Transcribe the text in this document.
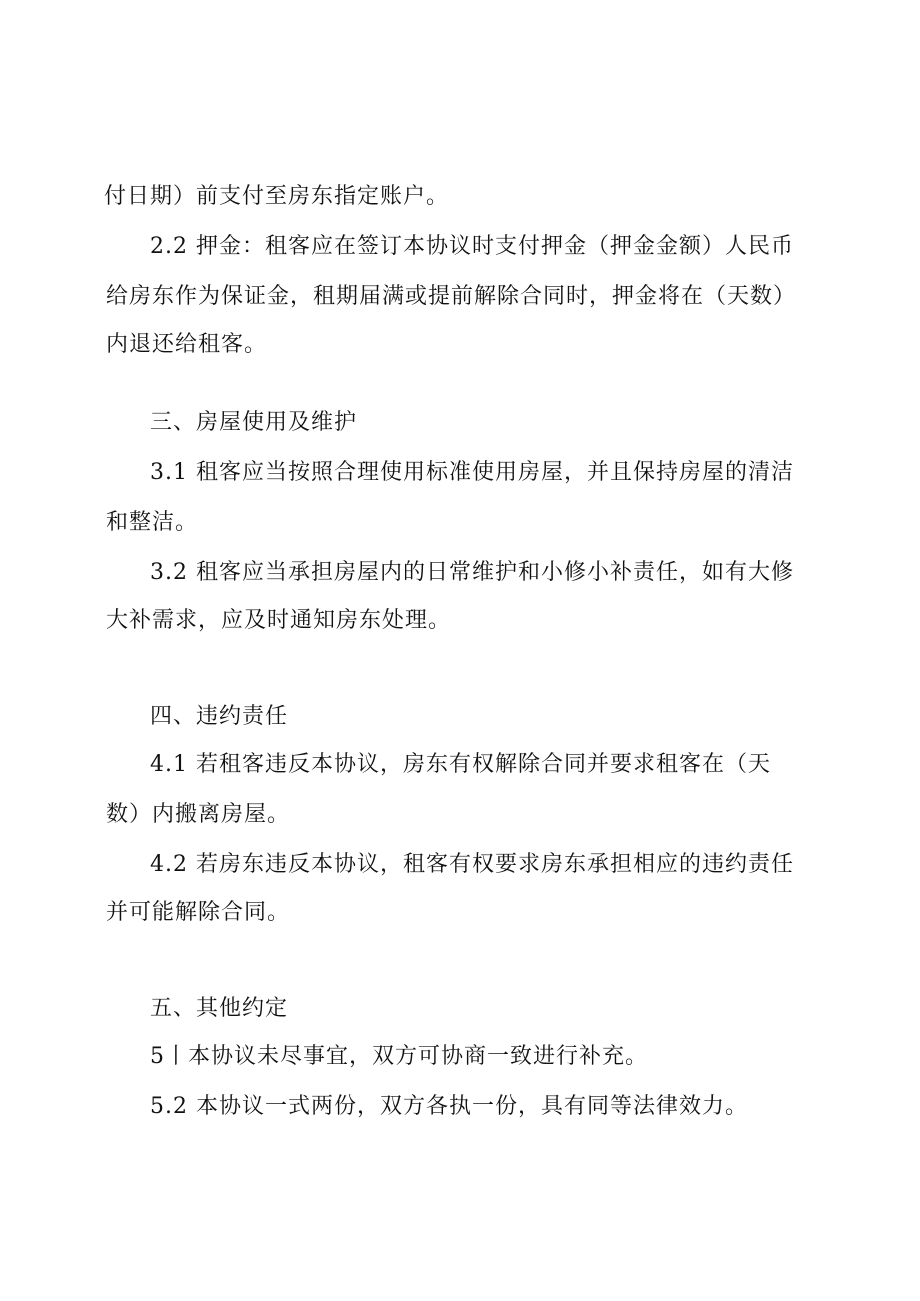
付日期）前支付至房东指定账户。
2.2 押金：租客应在签订本协议时支付押金（押金金额）人民币
给房东作为保证金，租期届满或提前解除合同时，押金将在（天数）
内退还给租客。
三、房屋使用及维护
3.1 租客应当按照合理使用标准使用房屋，并且保持房屋的清洁
和整洁。
3.2 租客应当承担房屋内的日常维护和小修小补责任，如有大修
大补需求，应及时通知房东处理。
四、违约责任
4.1 若租客违反本协议，房东有权解除合同并要求租客在（天
数）内搬离房屋。
4.2 若房东违反本协议，租客有权要求房东承担相应的违约责任
并可能解除合同。
五、其他约定
5丨本协议未尽事宜，双方可协商一致进行补充。
5.2 本协议一式两份，双方各执一份，具有同等法律效力。
